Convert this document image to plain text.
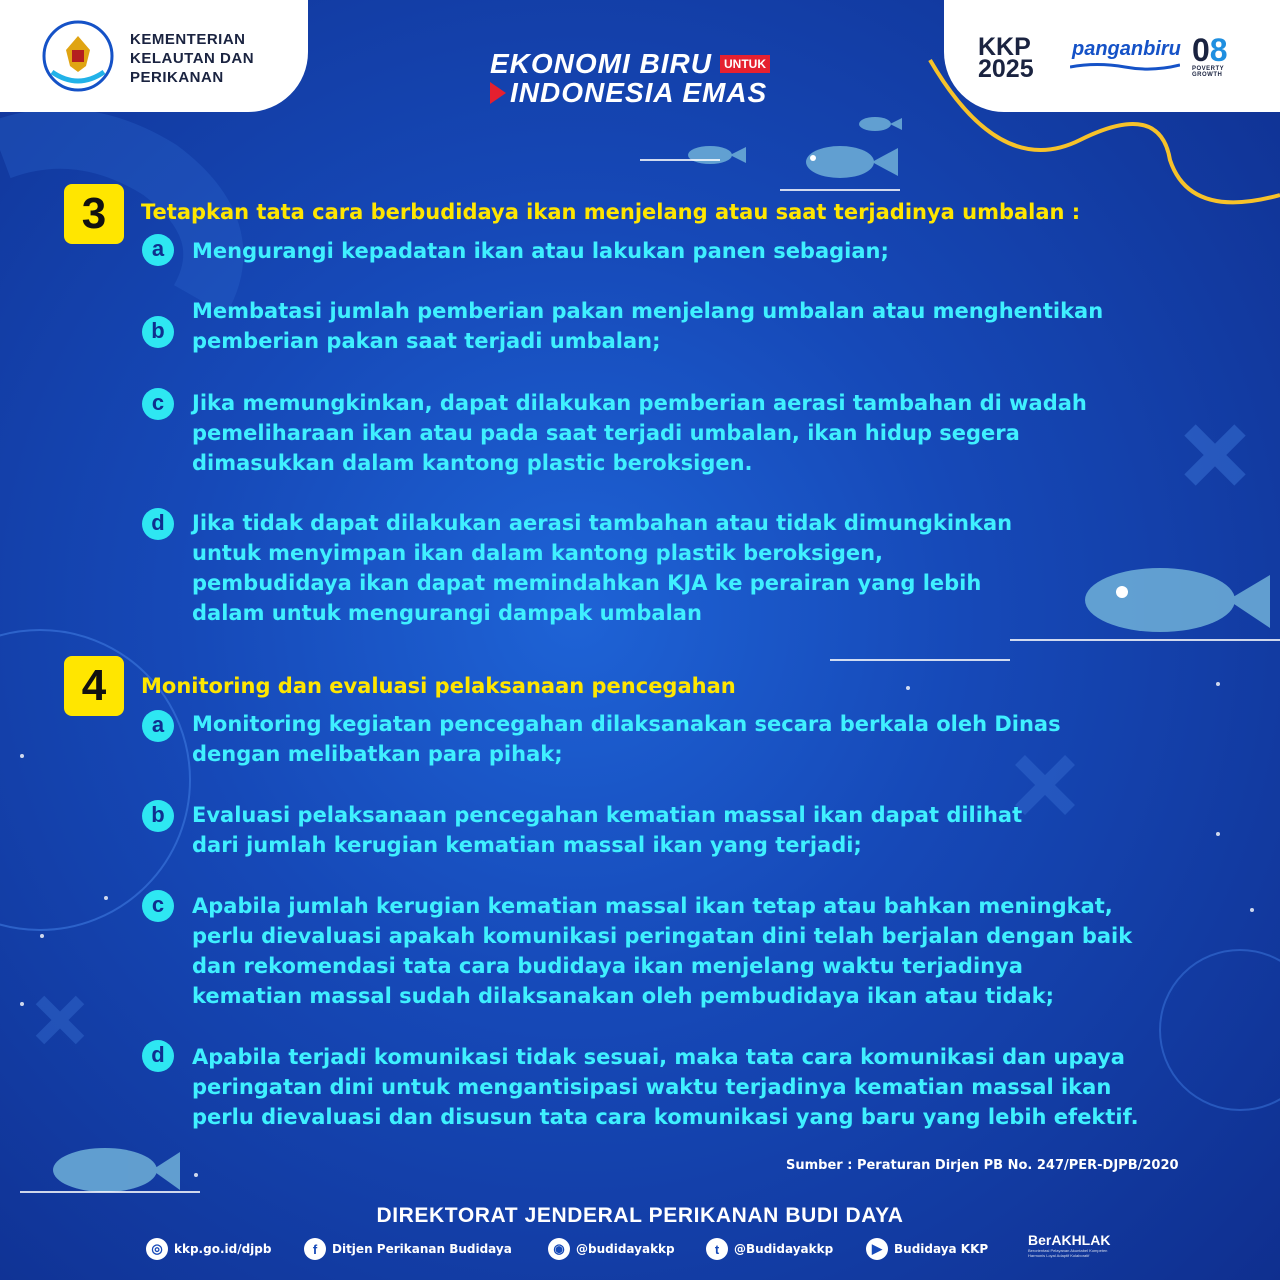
KEMENTERIAN
KELAUTAN DAN
PERIKANAN	EKONOMI BIRU	UNTUK
INDONESIA EMAS
KKP
2025
panganbiru 08
POVERTY GROWTH
3	Tetapkan tata cara berbudidaya ikan menjelang atau saat terjadinya umbalan :
a	Mengurangi kepadatan ikan atau lakukan panen sebagian;
b
Membatasi jumlah pemberian pakan menjelang umbalan atau menghentikan
pemberian pakan saat terjadi umbalan;
c	Jika memungkinkan, dapat dilakukan pemberian aerasi tambahan di wadah
pemeliharaan ikan atau pada saat terjadi umbalan, ikan hidup segera
dimasukkan dalam kantong plastic beroksigen.
d	Jika tidak dapat dilakukan aerasi tambahan atau tidak dimungkinkan
untuk menyimpan ikan dalam kantong plastik beroksigen,
pembudidaya ikan dapat memindahkan KJA ke perairan yang lebih
dalam untuk mengurangi dampak umbalan
4	Monitoring dan evaluasi pelaksanaan pencegahan
a	Monitoring kegiatan pencegahan dilaksanakan secara berkala oleh Dinas
dengan melibatkan para pihak;
b	Evaluasi pelaksanaan pencegahan kematian massal ikan dapat dilihat
dari jumlah kerugian kematian massal ikan yang terjadi;
c	Apabila jumlah kerugian kematian massal ikan tetap atau bahkan meningkat,
perlu dievaluasi apakah komunikasi peringatan dini telah berjalan dengan baik
dan rekomendasi tata cara budidaya ikan menjelang waktu terjadinya
kematian massal sudah dilaksanakan oleh pembudidaya ikan atau tidak;
d	Apabila terjadi komunikasi tidak sesuai, maka tata cara komunikasi dan upaya
peringatan dini untuk mengantisipasi waktu terjadinya kematian massal ikan
perlu dievaluasi dan disusun tata cara komunikasi yang baru yang lebih efektif.
Sumber : Peraturan Dirjen PB No. 247/PER-DJPB/2020
DIREKTORAT JENDERAL PERIKANAN BUDI DAYA
◎ kkp.go.id/djpb	f	Ditjen Perikanan Budidaya	◉ @budidayakkp	t	@Budidayakkp	▶	Budidaya KKP
BerAKHLAK
Berorientasi Pelayanan Akuntabel Kompeten Harmonis Loyal Adaptif Kolaboratif
